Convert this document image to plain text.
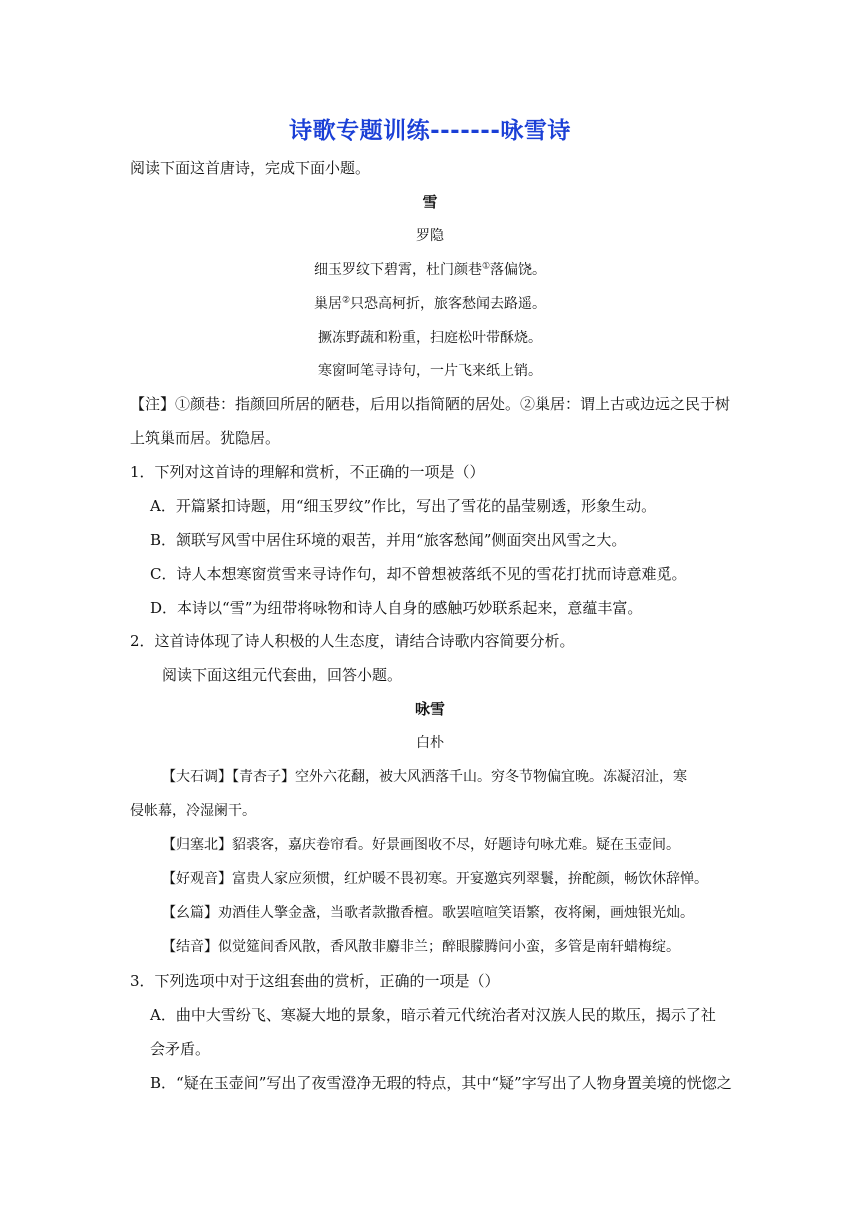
诗歌专题训练-------咏雪诗
阅读下面这首唐诗，完成下面小题。
雪
罗隐
细玉罗纹下碧霄，杜门颜巷①落偏饶。
巢居②只恐高柯折，旅客愁闻去路遥。
撅冻野蔬和粉重，扫庭松叶带酥烧。
寒窗呵笔寻诗句，一片飞来纸上销。
【注】①颜巷：指颜回所居的陋巷，后用以指简陋的居处。②巢居：谓上古或边远之民于树
上筑巢而居。犹隐居。
1．下列对这首诗的理解和赏析，不正确的一项是（）
A．开篇紧扣诗题，用“细玉罗纹”作比，写出了雪花的晶莹剔透，形象生动。
B．颔联写风雪中居住环境的艰苦，并用“旅客愁闻”侧面突出风雪之大。
C．诗人本想寒窗赏雪来寻诗作句，却不曾想被落纸不见的雪花打扰而诗意难觅。
D．本诗以“雪”为纽带将咏物和诗人自身的感触巧妙联系起来，意蕴丰富。
2．这首诗体现了诗人积极的人生态度，请结合诗歌内容简要分析。
阅读下面这组元代套曲，回答小题。
咏雪
白朴
【大石调】【青杏子】空外六花翻，被大风洒落千山。穷冬节物偏宜晚。冻凝沼沚，寒
侵帐幕，冷湿阑干。
【归塞北】貂裘客，嘉庆卷帘看。好景画图收不尽，好题诗句咏尤难。疑在玉壶间。
【好观音】富贵人家应须惯，红炉暖不畏初寒。开宴邀宾列翠鬟，拚酡颜，畅饮休辞惮。
【幺篇】劝酒佳人擎金盏，当歌者款撒香檀。歌罢喧喧笑语繁，夜将阑，画烛银光灿。
【结音】似觉筵间香风散，香风散非麝非兰；醉眼朦腾问小蛮，多管是南轩蜡梅绽。
3．下列选项中对于这组套曲的赏析，正确的一项是（）
A．曲中大雪纷飞、寒凝大地的景象，暗示着元代统治者对汉族人民的欺压，揭示了社
会矛盾。
B．“疑在玉壶间”写出了夜雪澄净无瑕的特点，其中“疑”字写出了人物身置美境的恍惚之
